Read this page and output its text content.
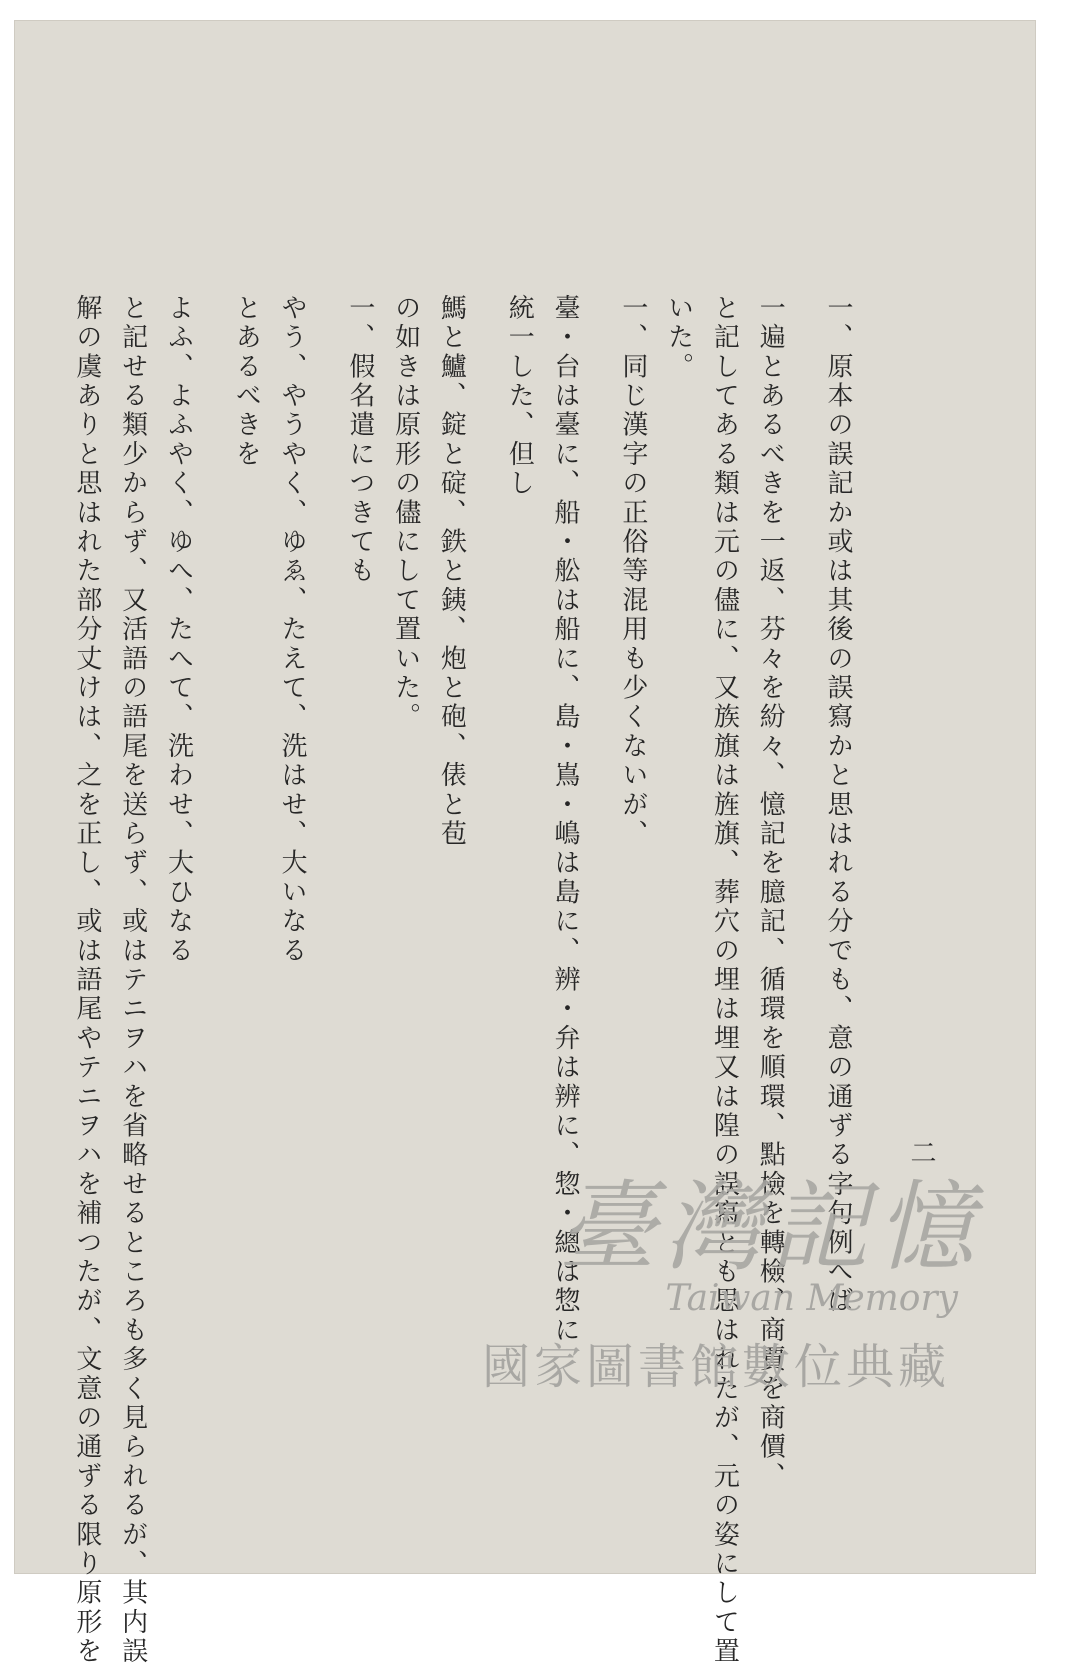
一、原本の誤記か或は其後の誤寫かと思はれる分でも、意の通ずる字句例へば
一遍とあるべきを一返、芬々を紛々、憶記を臆記、循環を順環、點檢を轉檢、商賈を商價、
と記してある類は元の儘に、又族旗は旌旗、葬穴の埋は埋又は隍の誤寫とも思はれたが、元の姿にして置
いた。
一、同じ漢字の正俗等混用も少くないが、
臺・台は臺に、船・舩は船に、島・嶌・嶋は島に、辨・弁は辨に、惣・總は惣に
統一した、但し
鰢と鱸、錠と碇、鉄と銕、炮と砲、俵と苞
の如きは原形の儘にして置いた。
一、假名遣につきても
やう、やうやく、ゆゑ、たえて、洗はせ、大いなる
とあるべきを
よふ、よふやく、ゆへ、たへて、洗わせ、大ひなる
と記せる類少からず、又活語の語尾を送らず、或はテニヲハを省略せるところも多く見られるが、其内誤
解の虞ありと思はれた部分丈けは、之を正し、或は語尾やテニヲハを補つたが、文意の通ずる限り原形を	二
臺灣記憶
Taiwan Memory
國家圖書館數位典藏
